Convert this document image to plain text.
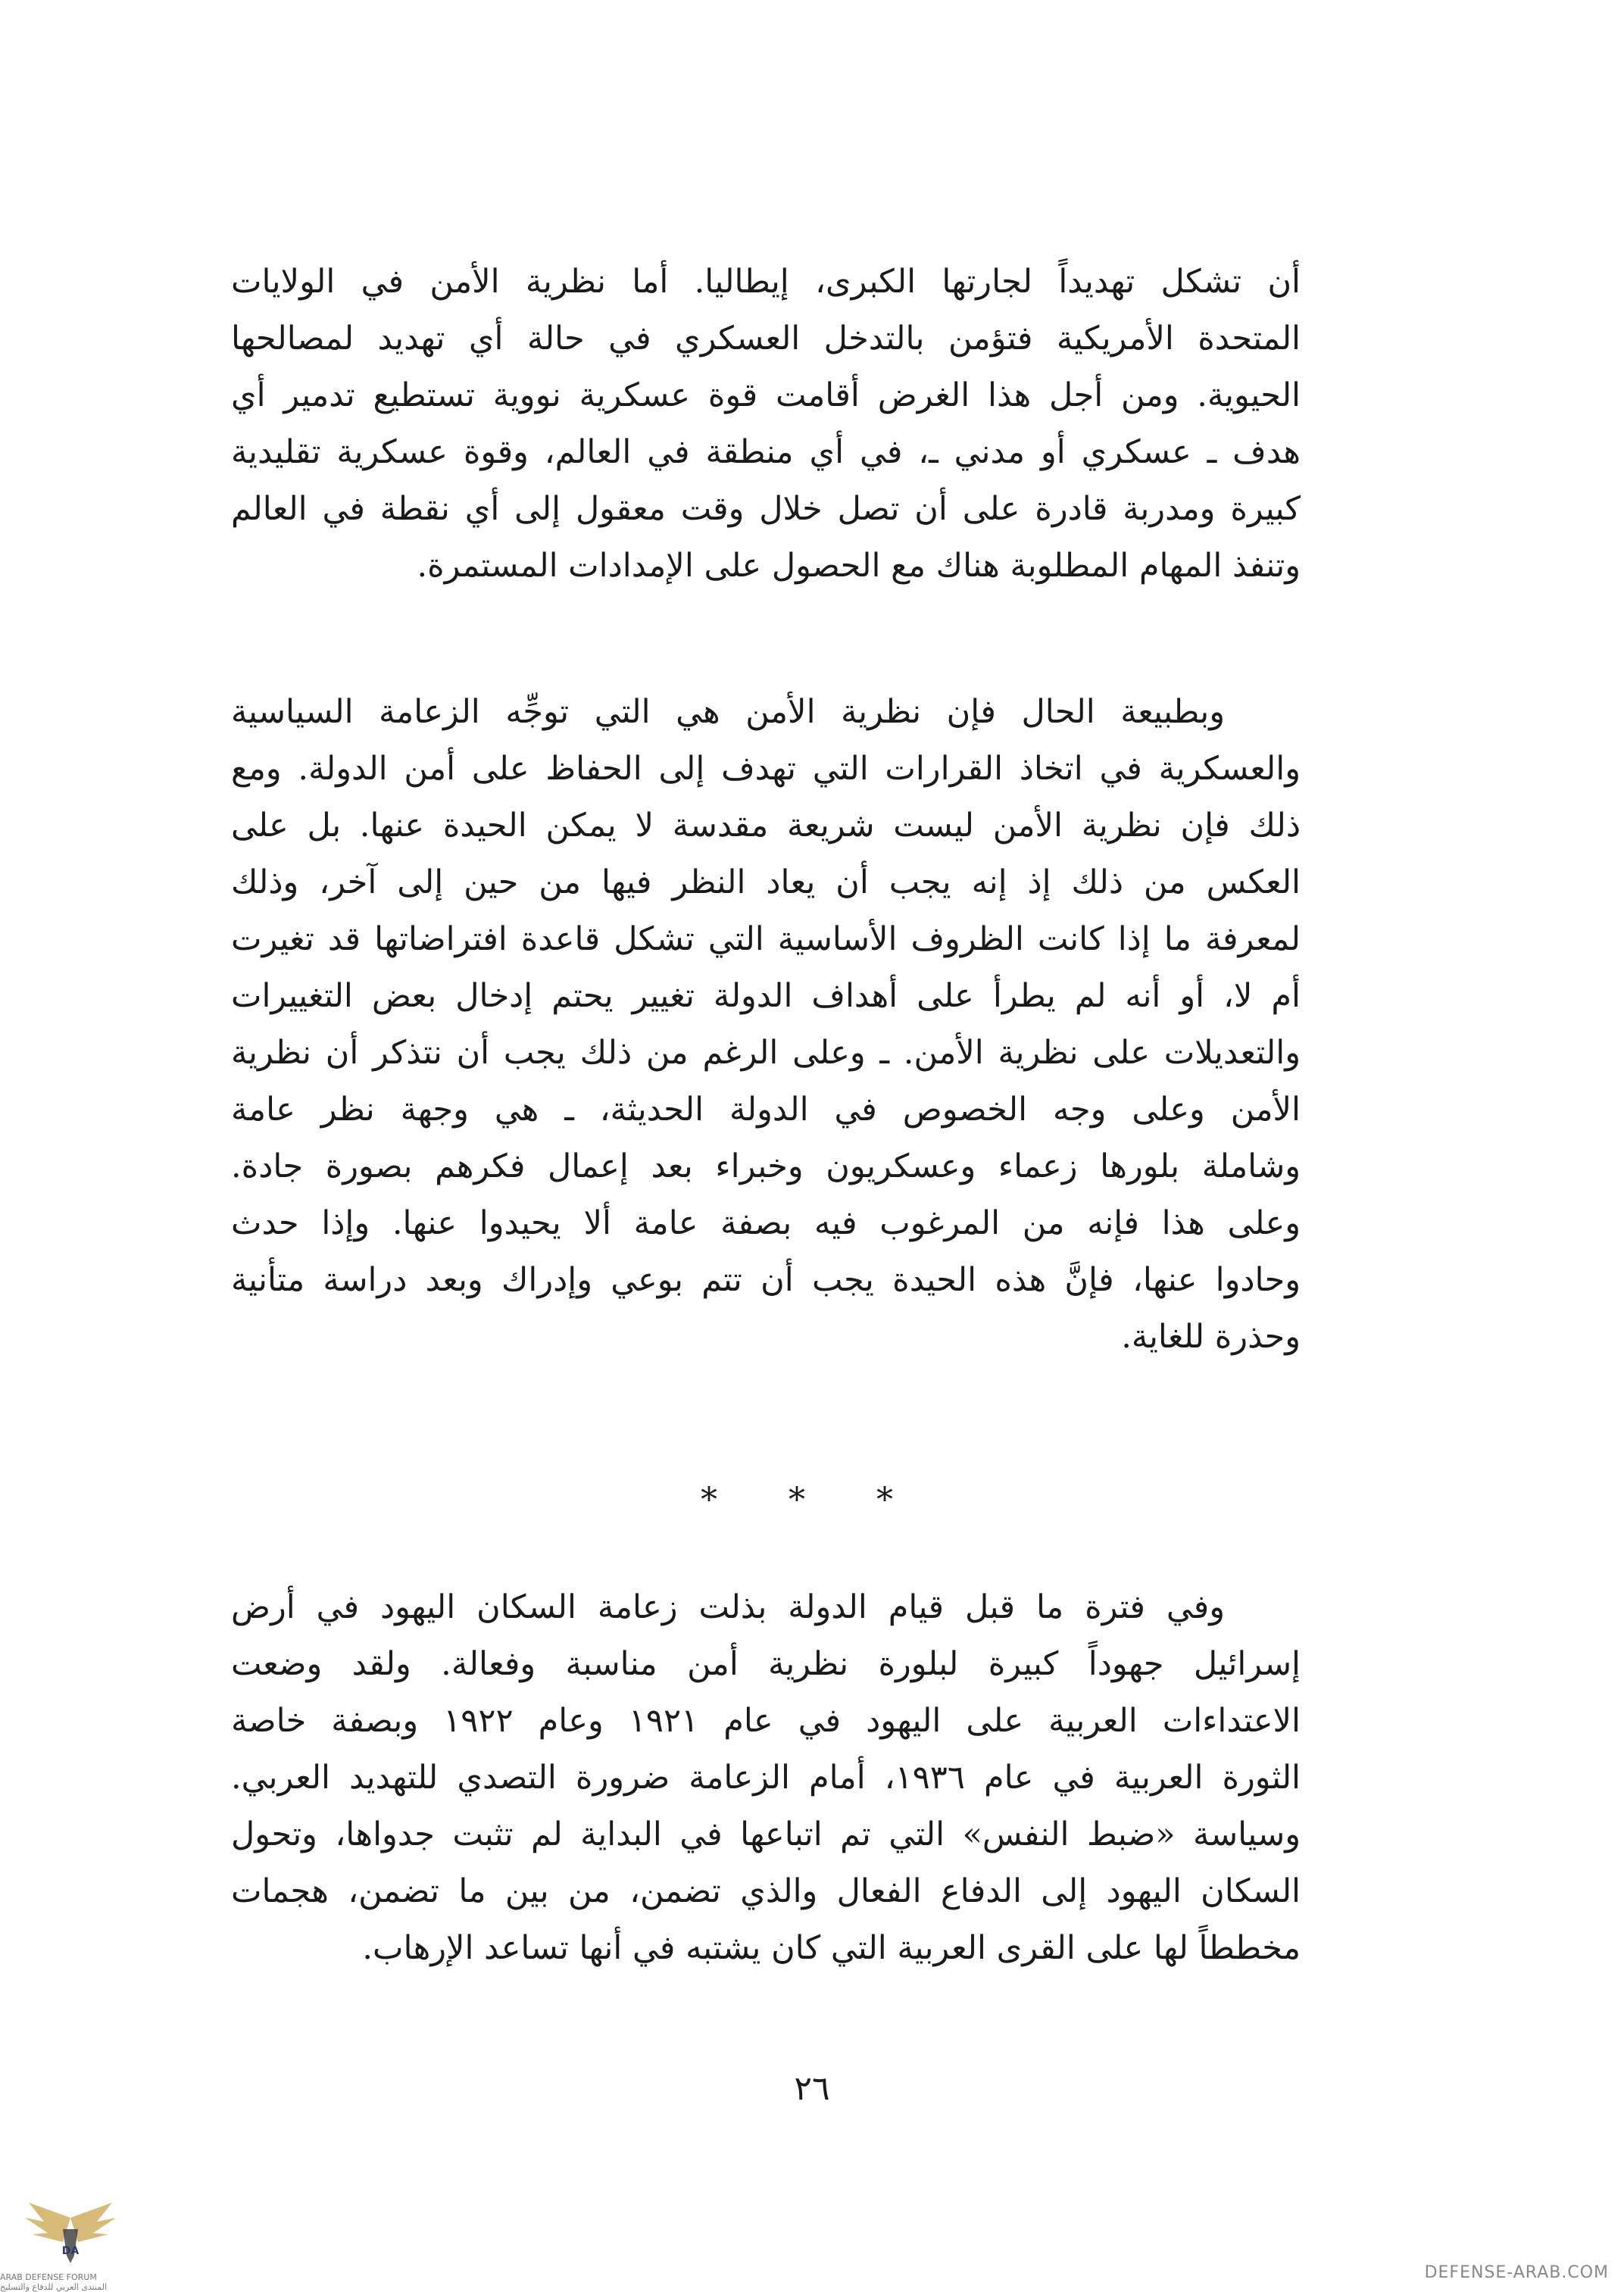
أن تشكل تهديداً لجارتها الكبرى، إيطاليا. أما نظرية الأمن في الولايات
المتحدة الأمريكية فتؤمن بالتدخل العسكري في حالة أي تهديد لمصالحها
الحيوية. ومن أجل هذا الغرض أقامت قوة عسكرية نووية تستطيع تدمير أي
هدف ـ عسكري أو مدني ـ، في أي منطقة في العالم، وقوة عسكرية تقليدية
كبيرة ومدربة قادرة على أن تصل خلال وقت معقول إلى أي نقطة في العالم
وتنفذ المهام المطلوبة هناك مع الحصول على الإمدادات المستمرة.
وبطبيعة الحال فإن نظرية الأمن هي التي توجِّه الزعامة السياسية
والعسكرية في اتخاذ القرارات التي تهدف إلى الحفاظ على أمن الدولة. ومع
ذلك فإن نظرية الأمن ليست شريعة مقدسة لا يمكن الحيدة عنها. بل على
العكس من ذلك إذ إنه يجب أن يعاد النظر فيها من حين إلى آخر، وذلك
لمعرفة ما إذا كانت الظروف الأساسية التي تشكل قاعدة افتراضاتها قد تغيرت
أم لا، أو أنه لم يطرأ على أهداف الدولة تغيير يحتم إدخال بعض التغييرات
والتعديلات على نظرية الأمن. ـ وعلى الرغم من ذلك يجب أن نتذكر أن نظرية
الأمن وعلى وجه الخصوص في الدولة الحديثة، ـ هي وجهة نظر عامة
وشاملة بلورها زعماء وعسكريون وخبراء بعد إعمال فكرهم بصورة جادة.
وعلى هذا فإنه من المرغوب فيه بصفة عامة ألا يحيدوا عنها. وإذا حدث
وحادوا عنها، فإنَّ هذه الحيدة يجب أن تتم بوعي وإدراك وبعد دراسة متأنية
وحذرة للغاية.
* * *
وفي فترة ما قبل قيام الدولة بذلت زعامة السكان اليهود في أرض
إسرائيل جهوداً كبيرة لبلورة نظرية أمن مناسبة وفعالة. ولقد وضعت
الاعتداءات العربية على اليهود في عام ١٩٢١ وعام ١٩٢٢ وبصفة خاصة
الثورة العربية في عام ١٩٣٦، أمام الزعامة ضرورة التصدي للتهديد العربي.
وسياسة «ضبط النفس» التي تم اتباعها في البداية لم تثبت جدواها، وتحول
السكان اليهود إلى الدفاع الفعال والذي تضمن، من بين ما تضمن، هجمات
مخططاً لها على القرى العربية التي كان يشتبه في أنها تساعد الإرهاب.
٢٦
DA
ARAB DEFENSE FORUM
المنتدى العربي للدفاع والتسليح
DEFENSE-ARAB.COM
